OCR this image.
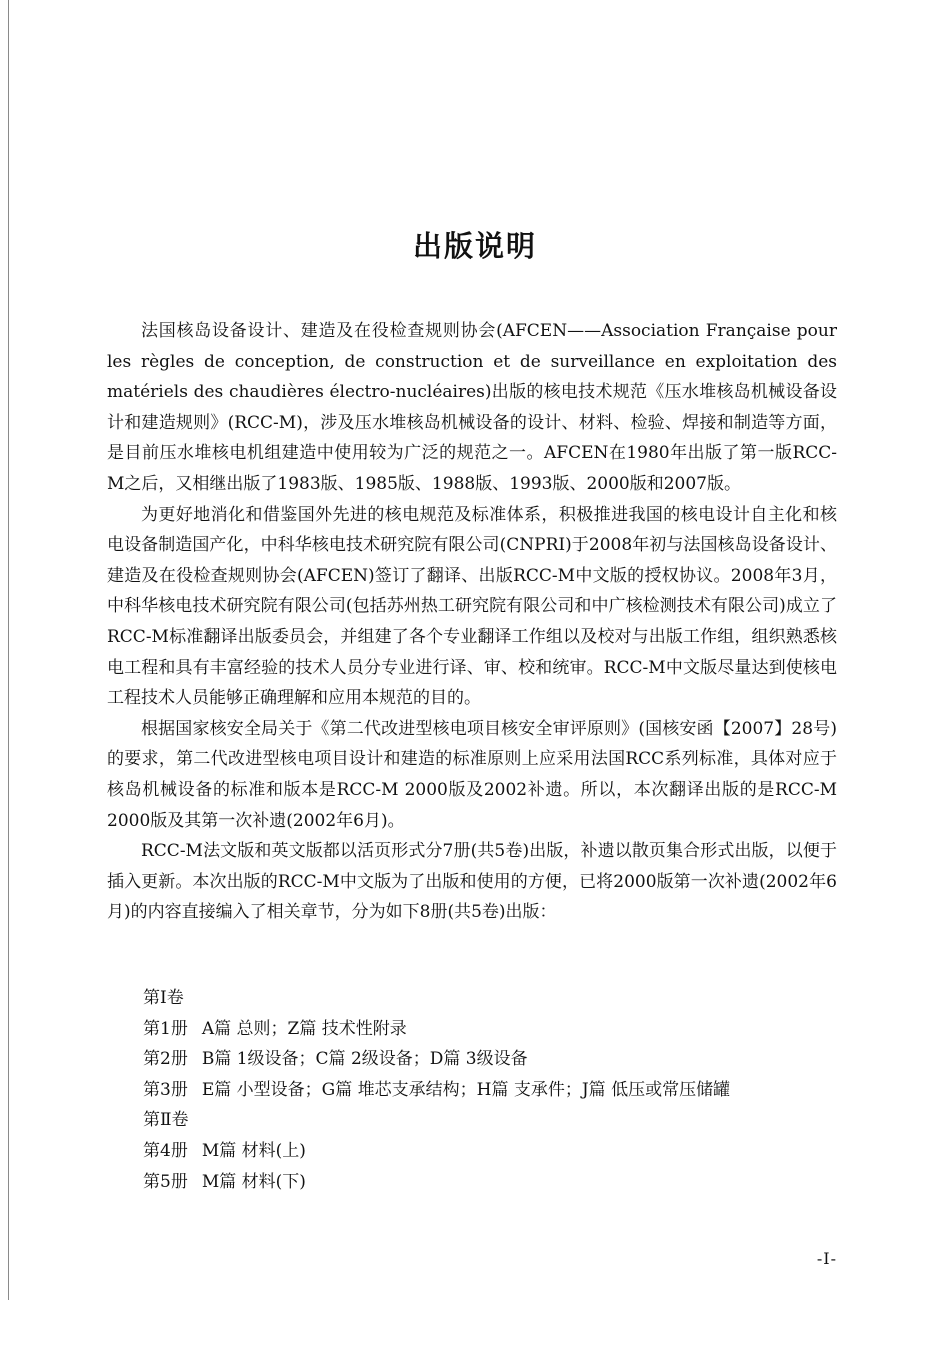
出版说明

法国核岛设备设计、建造及在役检查规则协会(AFCEN——Association Française pour les règles de conception, de construction et de surveillance en exploitation des matériels des chaudières électro-nucléaires)出版的核电技术规范《压水堆核岛机械设备设计和建造规则》(RCC-M)，涉及压水堆核岛机械设备的设计、材料、检验、焊接和制造等方面，是目前压水堆核电机组建造中使用较为广泛的规范之一。AFCEN在1980年出版了第一版RCC-M之后，又相继出版了1983版、1985版、1988版、1993版、2000版和2007版。

为更好地消化和借鉴国外先进的核电规范及标准体系，积极推进我国的核电设计自主化和核电设备制造国产化，中科华核电技术研究院有限公司(CNPRI)于2008年初与法国核岛设备设计、建造及在役检查规则协会(AFCEN)签订了翻译、出版RCC-M中文版的授权协议。2008年3月，中科华核电技术研究院有限公司(包括苏州热工研究院有限公司和中广核检测技术有限公司)成立了RCC-M标准翻译出版委员会，并组建了各个专业翻译工作组以及校对与出版工作组，组织熟悉核电工程和具有丰富经验的技术人员分专业进行译、审、校和统审。RCC-M中文版尽量达到使核电工程技术人员能够正确理解和应用本规范的目的。

根据国家核安全局关于《第二代改进型核电项目核安全审评原则》(国核安函【2007】28号)的要求，第二代改进型核电项目设计和建造的标准原则上应采用法国RCC系列标准，具体对应于核岛机械设备的标准和版本是RCC-M 2000版及2002补遗。所以，本次翻译出版的是RCC-M 2000版及其第一次补遗(2002年6月)。

RCC-M法文版和英文版都以活页形式分7册(共5卷)出版，补遗以散页集合形式出版，以便于插入更新。本次出版的RCC-M中文版为了出版和使用的方便，已将2000版第一次补遗(2002年6月)的内容直接编入了相关章节，分为如下8册(共5卷)出版：

第Ⅰ卷
第1册 A篇 总则；Z篇 技术性附录
第2册 B篇 1级设备；C篇 2级设备；D篇 3级设备
第3册 E篇 小型设备；G篇 堆芯支承结构；H篇 支承件；J篇 低压或常压储罐
第Ⅱ卷
第4册 M篇 材料(上)
第5册 M篇 材料(下)
-I-
